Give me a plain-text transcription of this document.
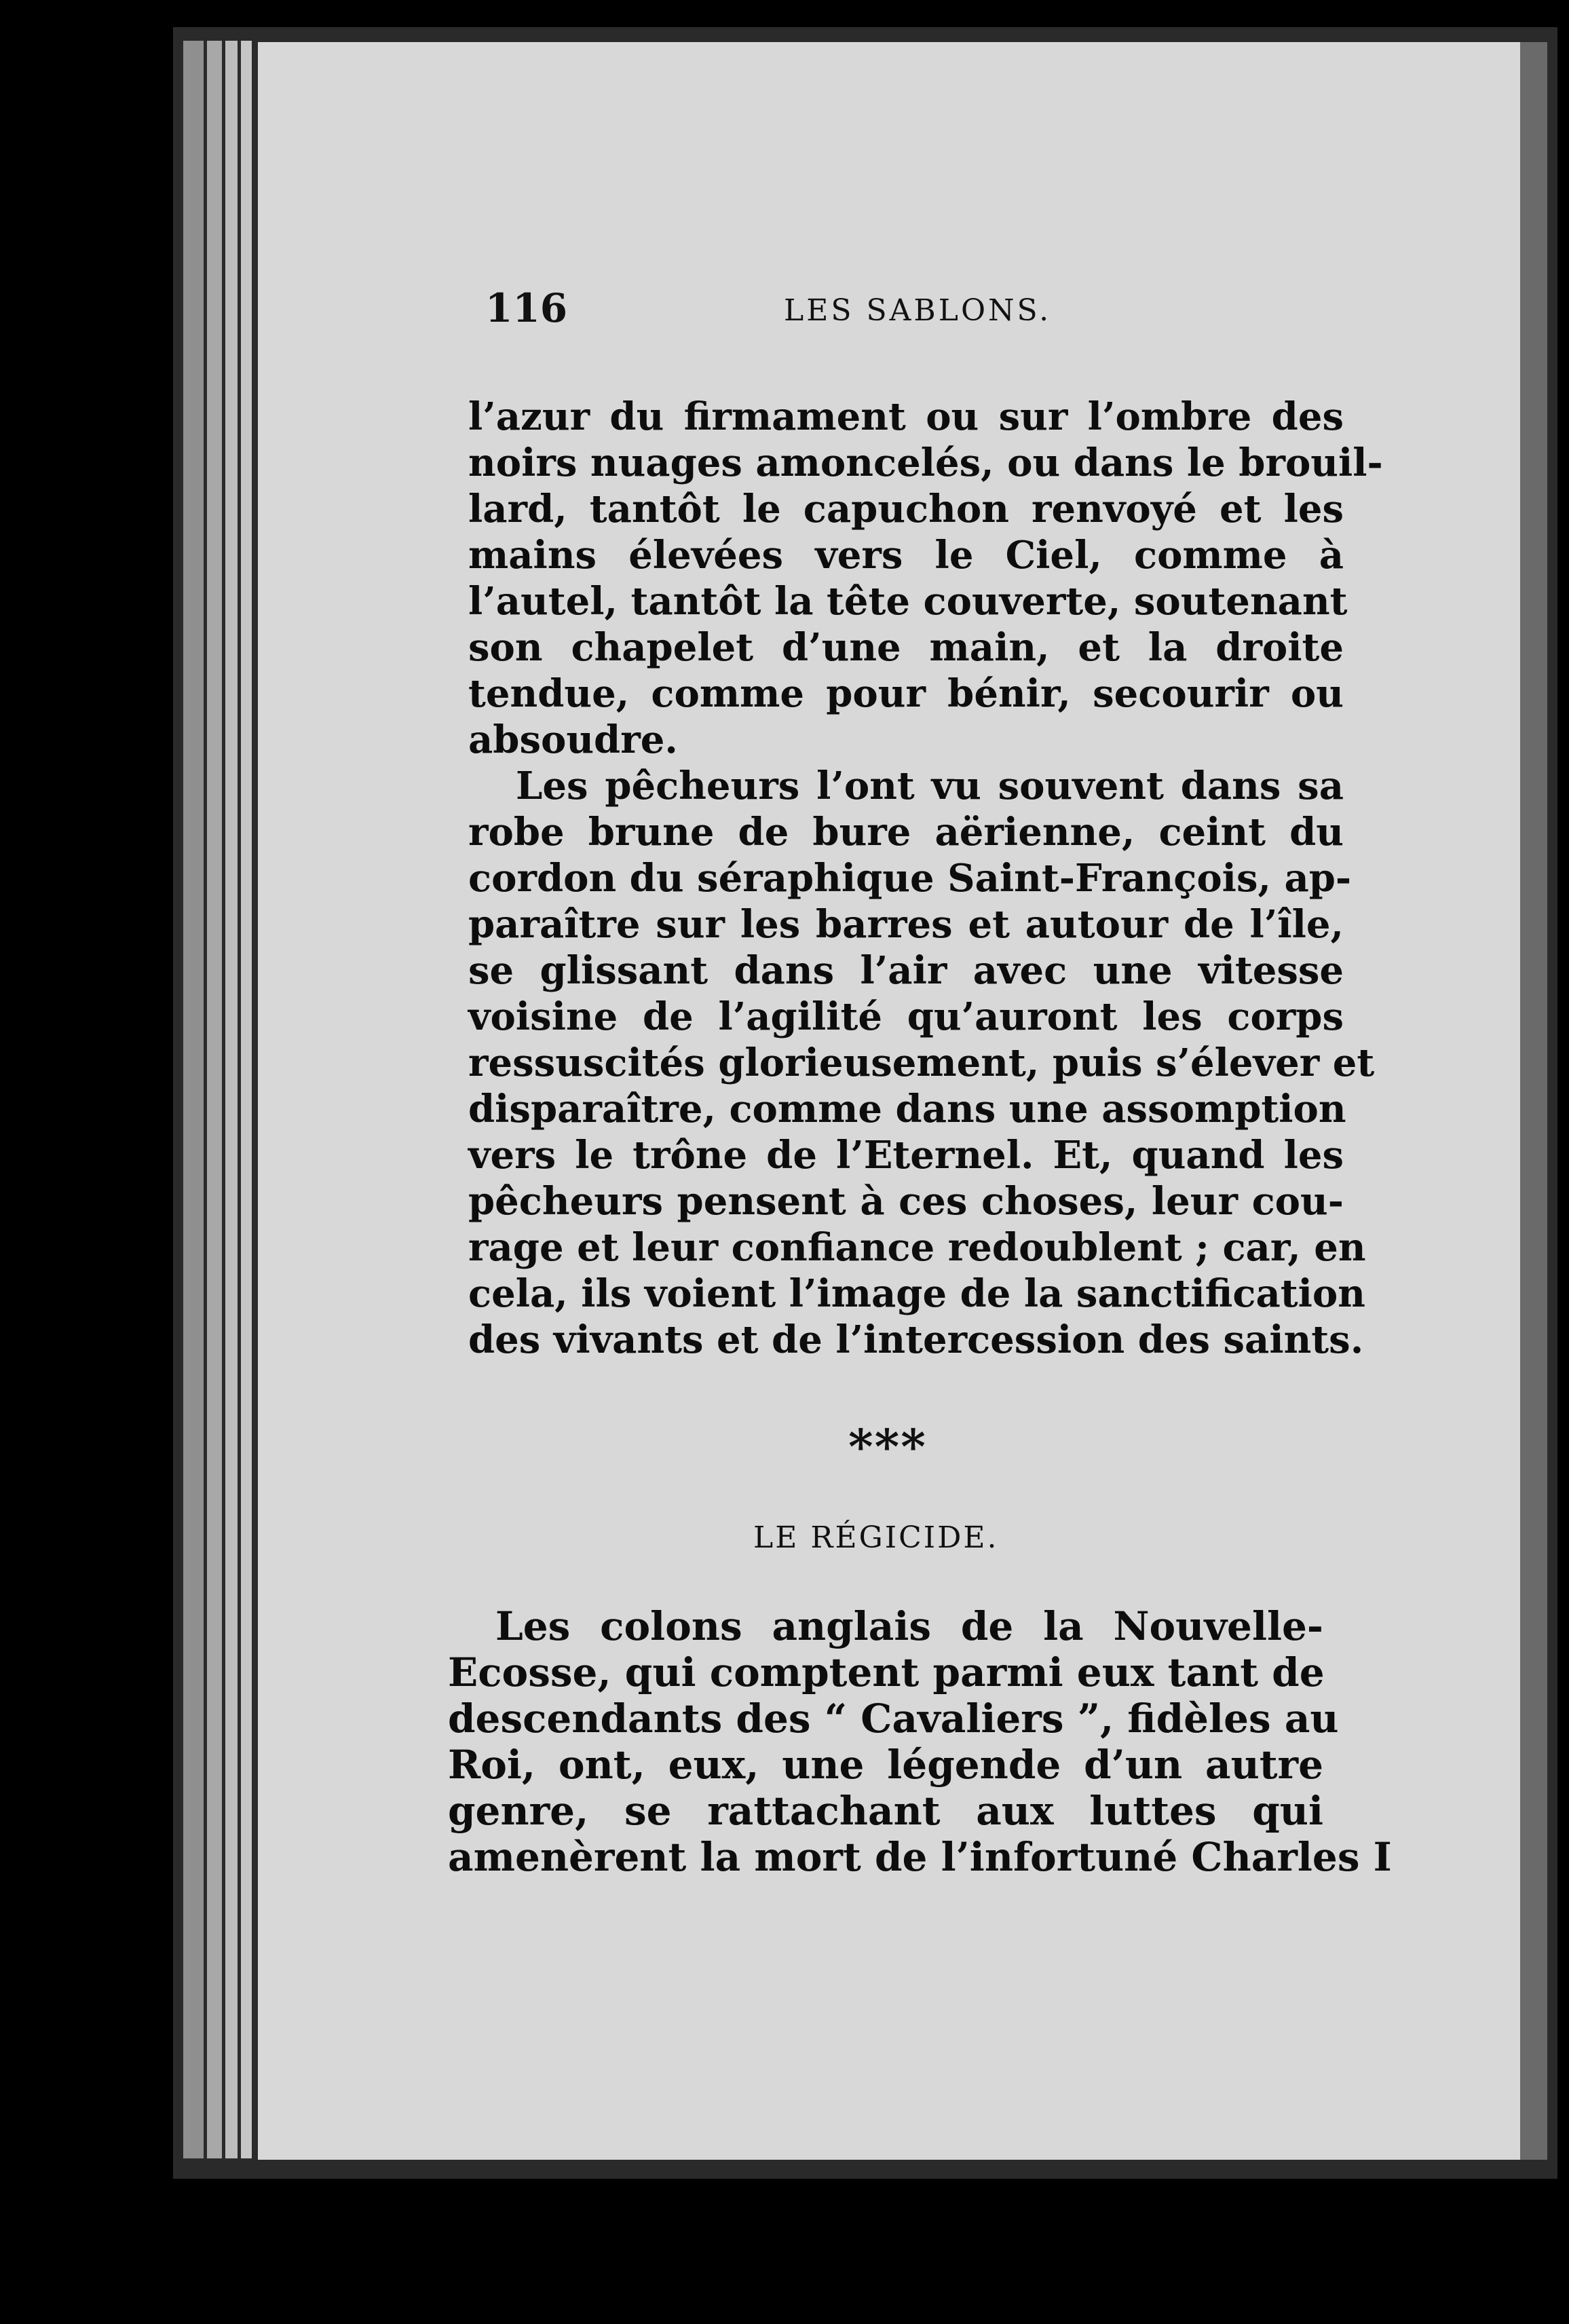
116	LES SABLONS.
l’azur du firmament ou sur l’ombre des
noirs nuages amoncelés, ou dans le brouil-
lard, tantôt le capuchon renvoyé et les
mains élevées vers le Ciel, comme à
l’autel, tantôt la tête couverte, soutenant
son chapelet d’une main, et la droite
tendue, comme pour bénir, secourir ou
absoudre.
Les pêcheurs l’ont vu souvent dans sa
robe brune de bure aërienne, ceint du
cordon du séraphique Saint-François, ap-
paraître sur les barres et autour de l’île,
se glissant dans l’air avec une vitesse
voisine de l’agilité qu’auront les corps
ressuscités glorieusement, puis s’élever et
disparaître, comme dans une assomption
vers le trône de l’Eternel. Et, quand les
pêcheurs pensent à ces choses, leur cou-
rage et leur confiance redoublent ; car, en
cela, ils voient l’image de la sanctification
des vivants et de l’intercession des saints.
***
LE RÉGICIDE.
Les colons anglais de la Nouvelle-
Ecosse, qui comptent parmi eux tant de
descendants des “ Cavaliers ”, fidèles au
Roi, ont, eux, une légende d’un autre
genre, se rattachant aux luttes qui
amenèrent la mort de l’infortuné Charles I
